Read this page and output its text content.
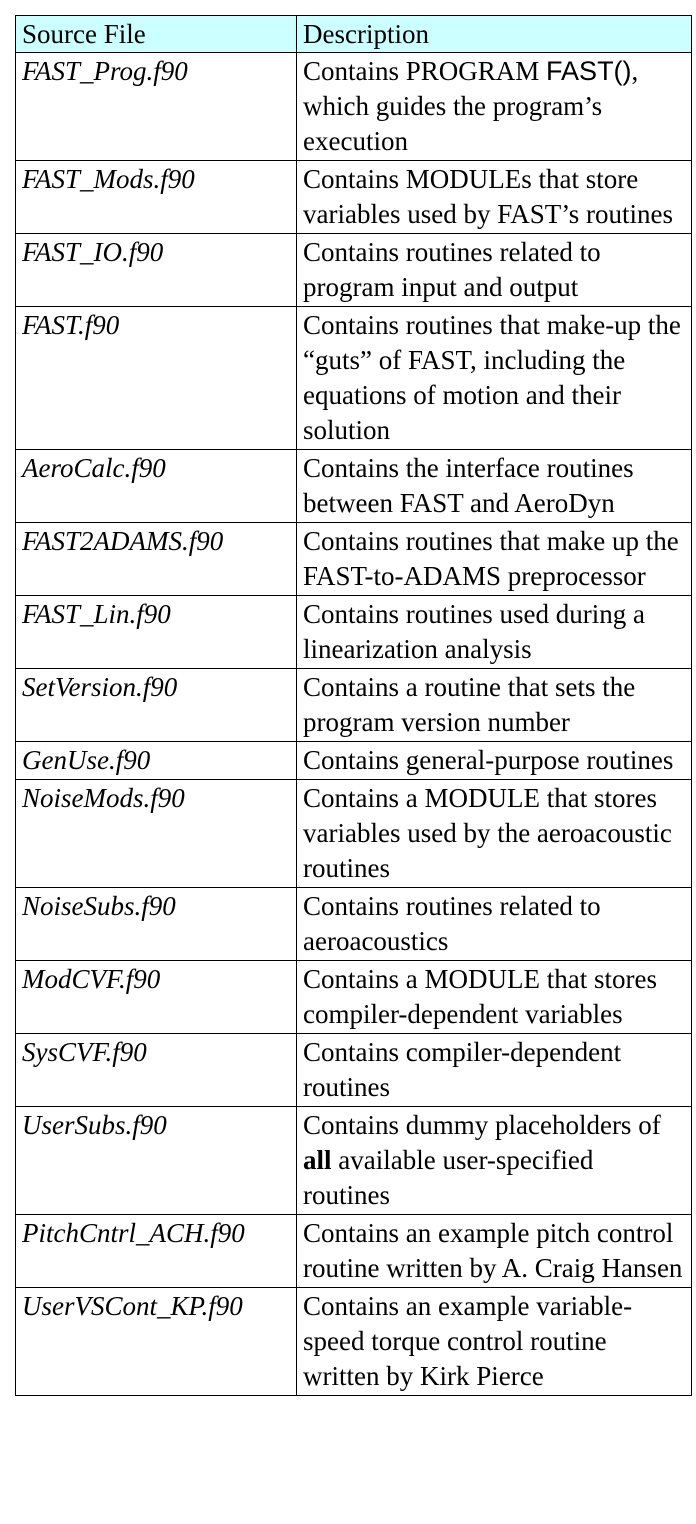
Source File	Description
FAST_Prog.f90	Contains PROGRAM FAST(), which guides the program’s execution
FAST_Mods.f90	Contains MODULEs that store variables used by FAST’s routines
FAST_IO.f90	Contains routines related to program input and output
FAST.f90	Contains routines that make-up the “guts” of FAST, including the equations of motion and their solution
AeroCalc.f90	Contains the interface routines between FAST and AeroDyn
FAST2ADAMS.f90	Contains routines that make up the FAST-to-ADAMS preprocessor
FAST_Lin.f90	Contains routines used during a linearization analysis
SetVersion.f90	Contains a routine that sets the program version number
GenUse.f90	Contains general-purpose routines
NoiseMods.f90	Contains a MODULE that stores variables used by the aeroacoustic routines
NoiseSubs.f90	Contains routines related to aeroacoustics
ModCVF.f90	Contains a MODULE that stores compiler-dependent variables
SysCVF.f90	Contains compiler-dependent routines
UserSubs.f90	Contains dummy placeholders of all available user-specified routines
PitchCntrl_ACH.f90	Contains an example pitch control routine written by A. Craig Hansen
UserVSCont_KP.f90	Contains an example variable-speed torque control routine written by Kirk Pierce
